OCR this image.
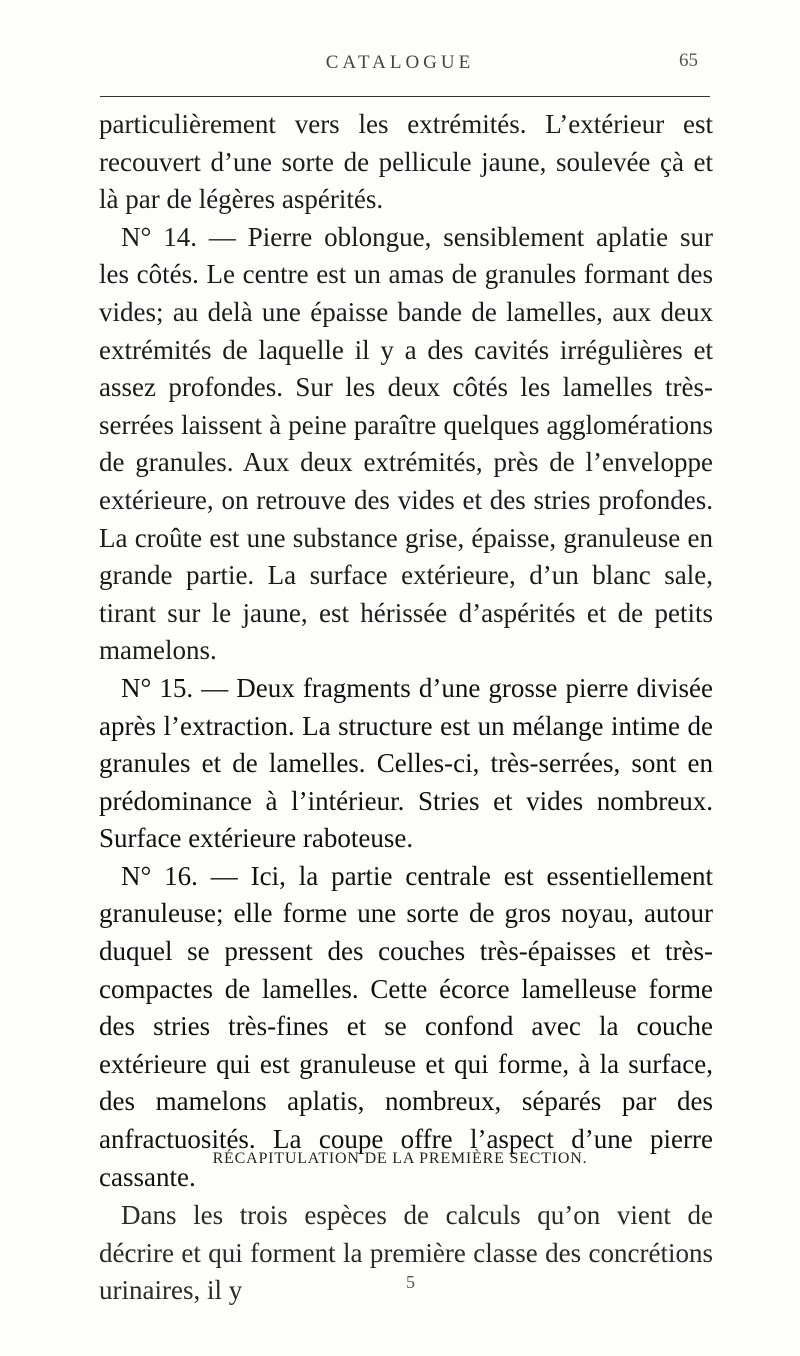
CATALOGUE	65

particulièrement vers les extrémités. L’extérieur est recouvert d’une sorte de pellicule jaune, soulevée çà et là par de légères aspérités.

N° 14. — Pierre oblongue, sensiblement aplatie sur les côtés. Le centre est un amas de granules formant des vides; au delà une épaisse bande de lamelles, aux deux extrémités de laquelle il y a des cavités irrégulières et assez profondes. Sur les deux côtés les lamelles très-serrées laissent à peine paraître quelques agglomérations de granules. Aux deux extrémités, près de l’enveloppe extérieure, on retrouve des vides et des stries profondes. La croûte est une substance grise, épaisse, granuleuse en grande partie. La surface extérieure, d’un blanc sale, tirant sur le jaune, est hérissée d’aspérités et de petits mamelons.

N° 15. — Deux fragments d’une grosse pierre divisée après l’extraction. La structure est un mélange intime de granules et de lamelles. Celles-ci, très-serrées, sont en prédominance à l’intérieur. Stries et vides nombreux. Surface extérieure raboteuse.

N° 16. — Ici, la partie centrale est essentiellement granuleuse; elle forme une sorte de gros noyau, autour duquel se pressent des couches très-épaisses et très-compactes de lamelles. Cette écorce lamelleuse forme des stries très-fines et se confond avec la couche extérieure qui est granuleuse et qui forme, à la surface, des mamelons aplatis, nombreux, séparés par des anfractuosités. La coupe offre l’aspect d’une pierre cassante.

RÉCAPITULATION DE LA PREMIÈRE SECTION.

Dans les trois espèces de calculs qu’on vient de décrire et qui forment la première classe des concrétions urinaires, il y	5
